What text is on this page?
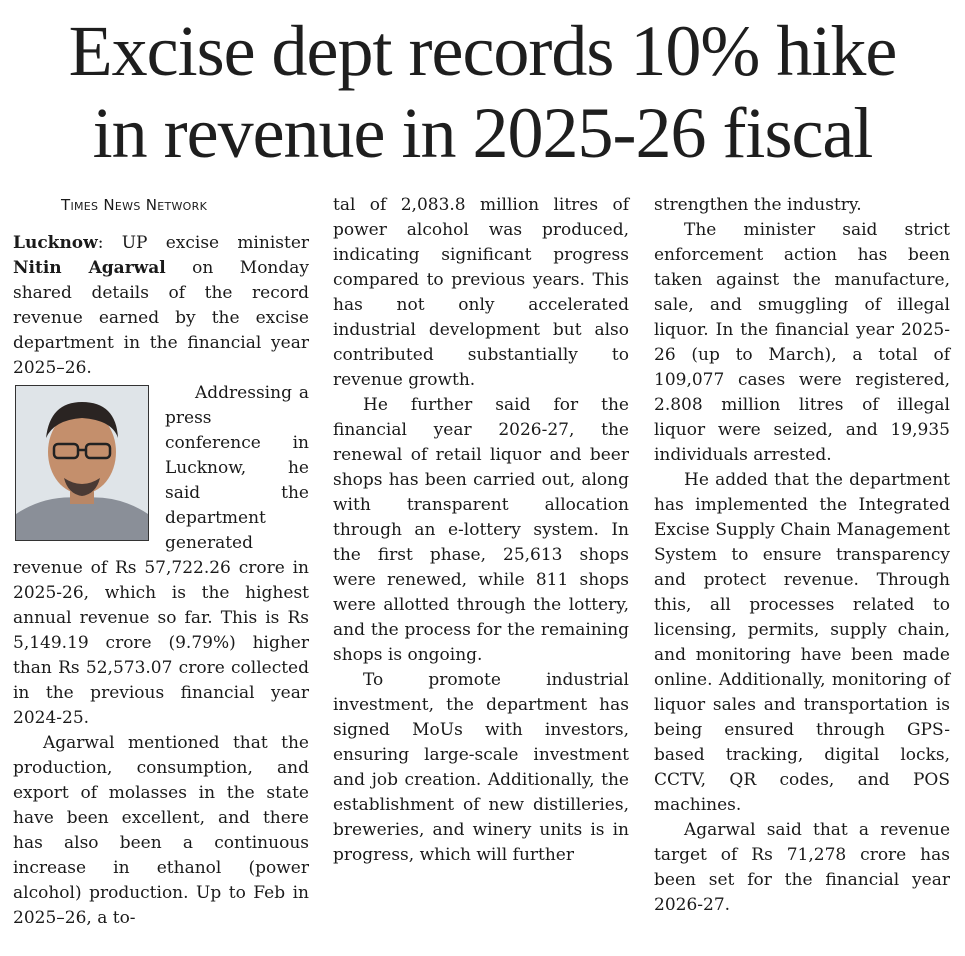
Excise dept records 10% hike
in revenue in 2025-26 fiscal
Times News Network

Lucknow: UP excise minister Nitin Agarwal on Monday shared details of the record revenue earned by the excise department in the financial year 2025–26.

Addressing a press conference in Lucknow, he said the department generated revenue of Rs 57,722.26 crore in 2025-26, which is the highest annual revenue so far. This is Rs 5,149.19 crore (9.79%) higher than Rs 52,573.07 crore collected in the previous financial year 2024-25.

Agarwal mentioned that the production, consumption, and export of molasses in the state have been excellent, and there has also been a continuous increase in ethanol (power alcohol) production. Up to Feb in 2025–26, a to-

tal of 2,083.8 million litres of power alcohol was produced, indicating significant progress compared to previous years. This has not only accelerated industrial development but also contributed substantially to revenue growth.

He further said for the financial year 2026-27, the renewal of retail liquor and beer shops has been carried out, along with transparent allocation through an e-lottery system. In the first phase, 25,613 shops were renewed, while 811 shops were allotted through the lottery, and the process for the remaining shops is ongoing.

To promote industrial investment, the department has signed MoUs with investors, ensuring large-scale investment and job creation. Additionally, the establishment of new distilleries, breweries, and winery units is in progress, which will further

strengthen the industry.

The minister said strict enforcement action has been taken against the manufacture, sale, and smuggling of illegal liquor. In the financial year 2025-26 (up to March), a total of 109,077 cases were registered, 2.808 million litres of illegal liquor were seized, and 19,935 individuals arrested.

He added that the department has implemented the Integrated Excise Supply Chain Management System to ensure transparency and protect revenue. Through this, all processes related to licensing, permits, supply chain, and monitoring have been made online. Additionally, monitoring of liquor sales and transportation is being ensured through GPS-based tracking, digital locks, CCTV, QR codes, and POS machines.

Agarwal said that a revenue target of Rs 71,278 crore has been set for the financial year 2026-27.
